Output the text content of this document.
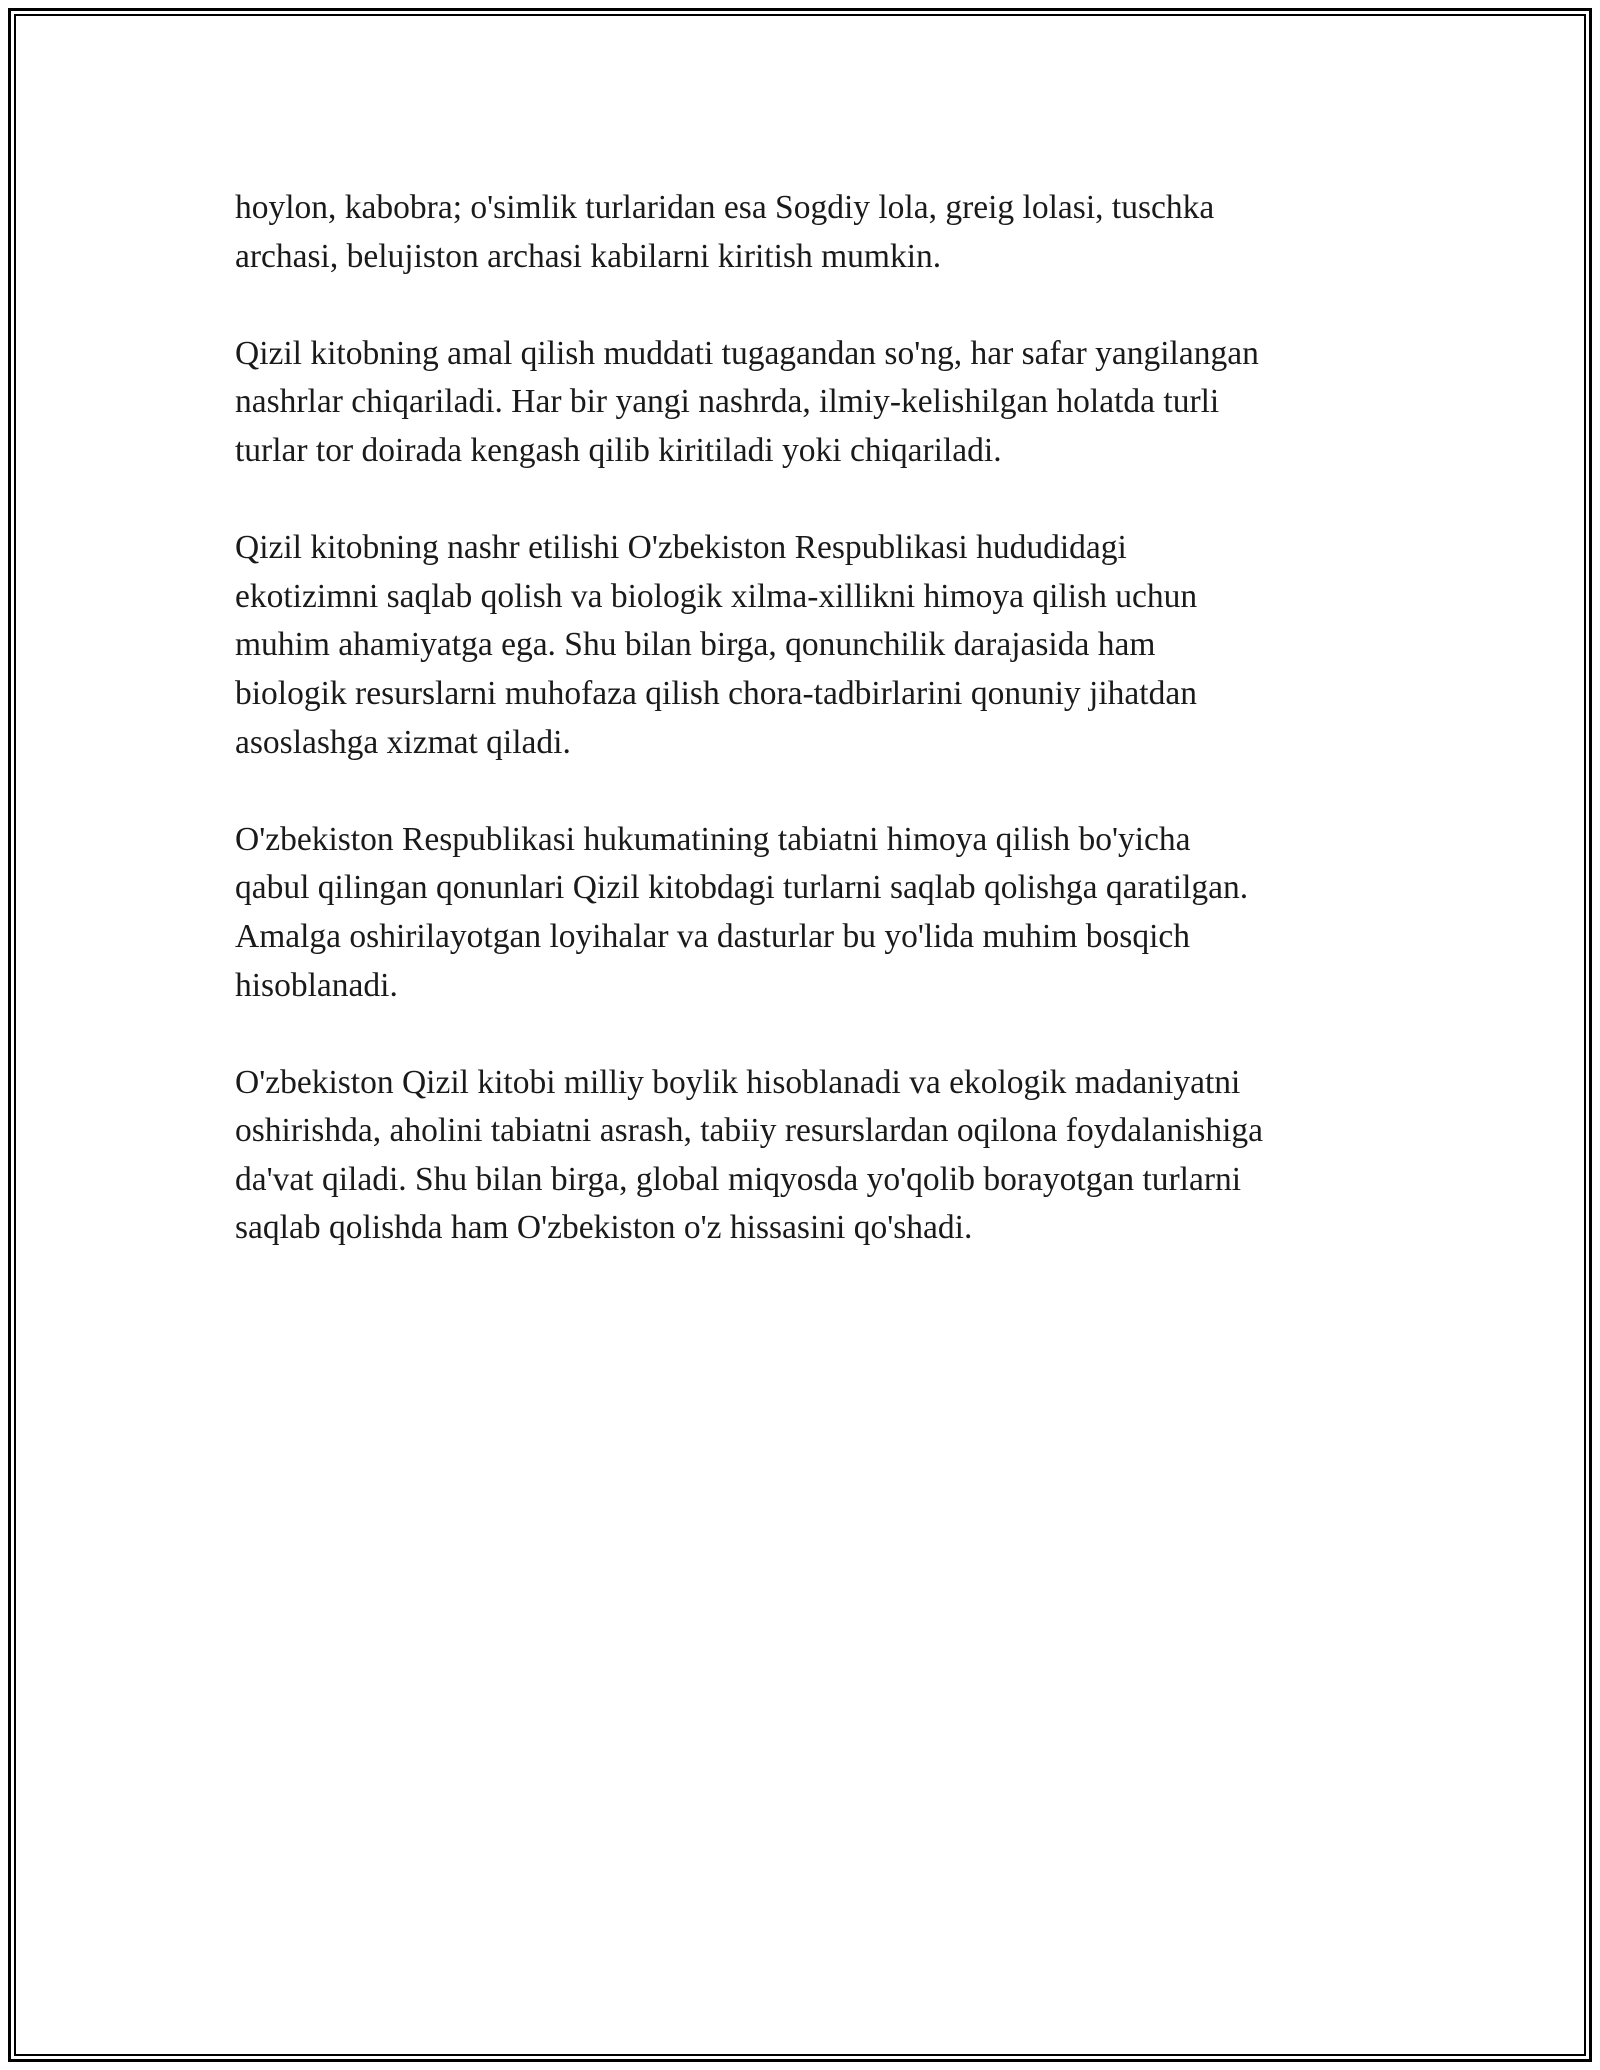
hoylon, kabobra; o'simlik turlaridan esa Sogdiy lola, greig lolasi, tuschka
archasi, belujiston archasi kabilarni kiritish mumkin.

Qizil kitobning amal qilish muddati tugagandan so'ng, har safar yangilangan
nashrlar chiqariladi. Har bir yangi nashrda, ilmiy-kelishilgan holatda turli
turlar tor doirada kengash qilib kiritiladi yoki chiqariladi.

Qizil kitobning nashr etilishi O'zbekiston Respublikasi hududidagi
ekotizimni saqlab qolish va biologik xilma-xillikni himoya qilish uchun
muhim ahamiyatga ega. Shu bilan birga, qonunchilik darajasida ham
biologik resurslarni muhofaza qilish chora-tadbirlarini qonuniy jihatdan
asoslashga xizmat qiladi.

O'zbekiston Respublikasi hukumatining tabiatni himoya qilish bo'yicha
qabul qilingan qonunlari Qizil kitobdagi turlarni saqlab qolishga qaratilgan.
Amalga oshirilayotgan loyihalar va dasturlar bu yo'lida muhim bosqich
hisoblanadi.

O'zbekiston Qizil kitobi milliy boylik hisoblanadi va ekologik madaniyatni
oshirishda, aholini tabiatni asrash, tabiiy resurslardan oqilona foydalanishiga
da'vat qiladi. Shu bilan birga, global miqyosda yo'qolib borayotgan turlarni
saqlab qolishda ham O'zbekiston o'z hissasini qo'shadi.
